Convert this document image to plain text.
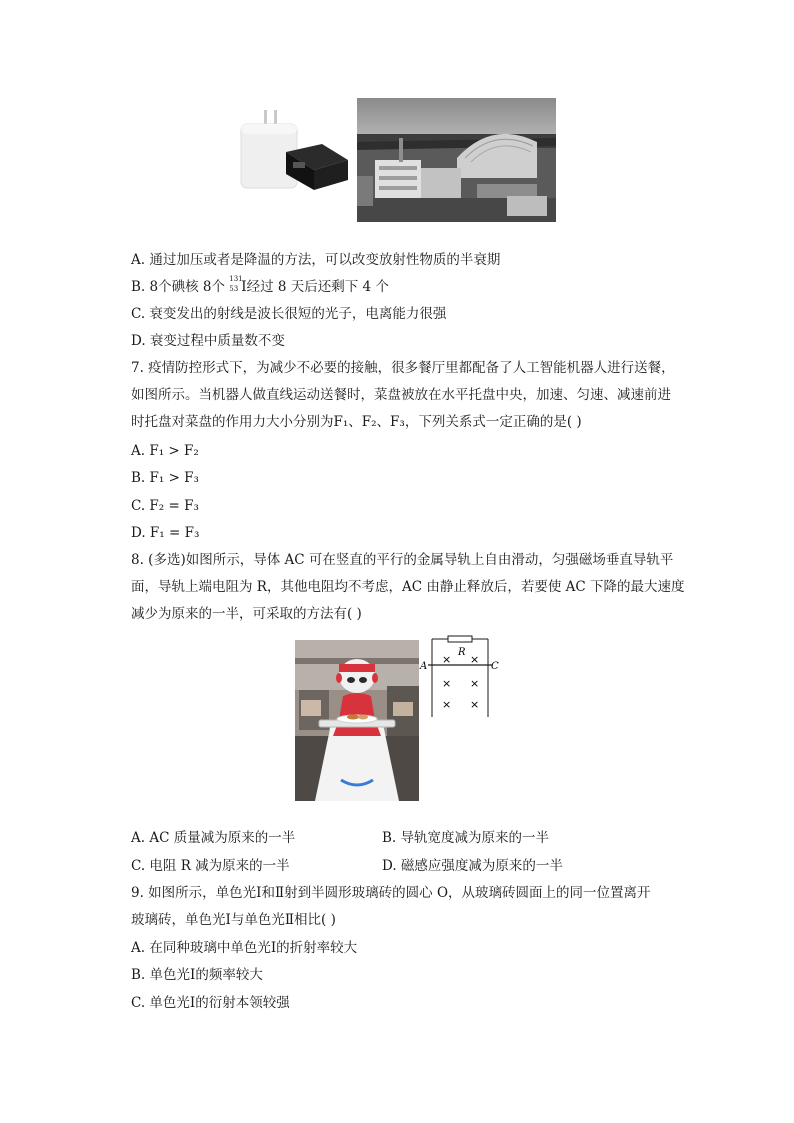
A. 通过加压或者是降温的方法，可以改变放射性物质的半衰期
B. 8个碘核 8个 131
53 I经过 8 天后还剩下 4 个
C. 衰变发出的射线是波长很短的光子，电离能力很强
D. 衰变过程中质量数不变
7. 疫情防控形式下，为减少不必要的接触，很多餐厅里都配备了人工智能机器人进行送餐，
如图所示。当机器人做直线运动送餐时，菜盘被放在水平托盘中央，加速、匀速、减速前进
时托盘对菜盘的作用力大小分别为F₁、F₂、F₃，下列关系式一定正确的是( )
A. F₁ > F₂
B. F₁ > F₃
C. F₂ = F₃
D. F₁ = F₃
8. (多选)如图所示，导体 AC 可在竖直的平行的金属导轨上自由滑动，匀强磁场垂直导轨平
面，导轨上端电阻为 R，其他电阻均不考虑，AC 由静止释放后，若要使 AC 下降的最大速度
减少为原来的一半，可采取的方法有( )
R
A	C
× ×
× ×
× ×
A. AC 质量减为原来的一半	B. 导轨宽度减为原来的一半
C. 电阻 R 减为原来的一半	D. 磁感应强度减为原来的一半
9. 如图所示，单色光Ⅰ和Ⅱ射到半圆形玻璃砖的圆心 O，从玻璃砖圆面上的同一位置离开
玻璃砖，单色光Ⅰ与单色光Ⅱ相比( )
A. 在同种玻璃中单色光Ⅰ的折射率较大
B. 单色光Ⅰ的频率较大
C. 单色光Ⅰ的衍射本领较强
